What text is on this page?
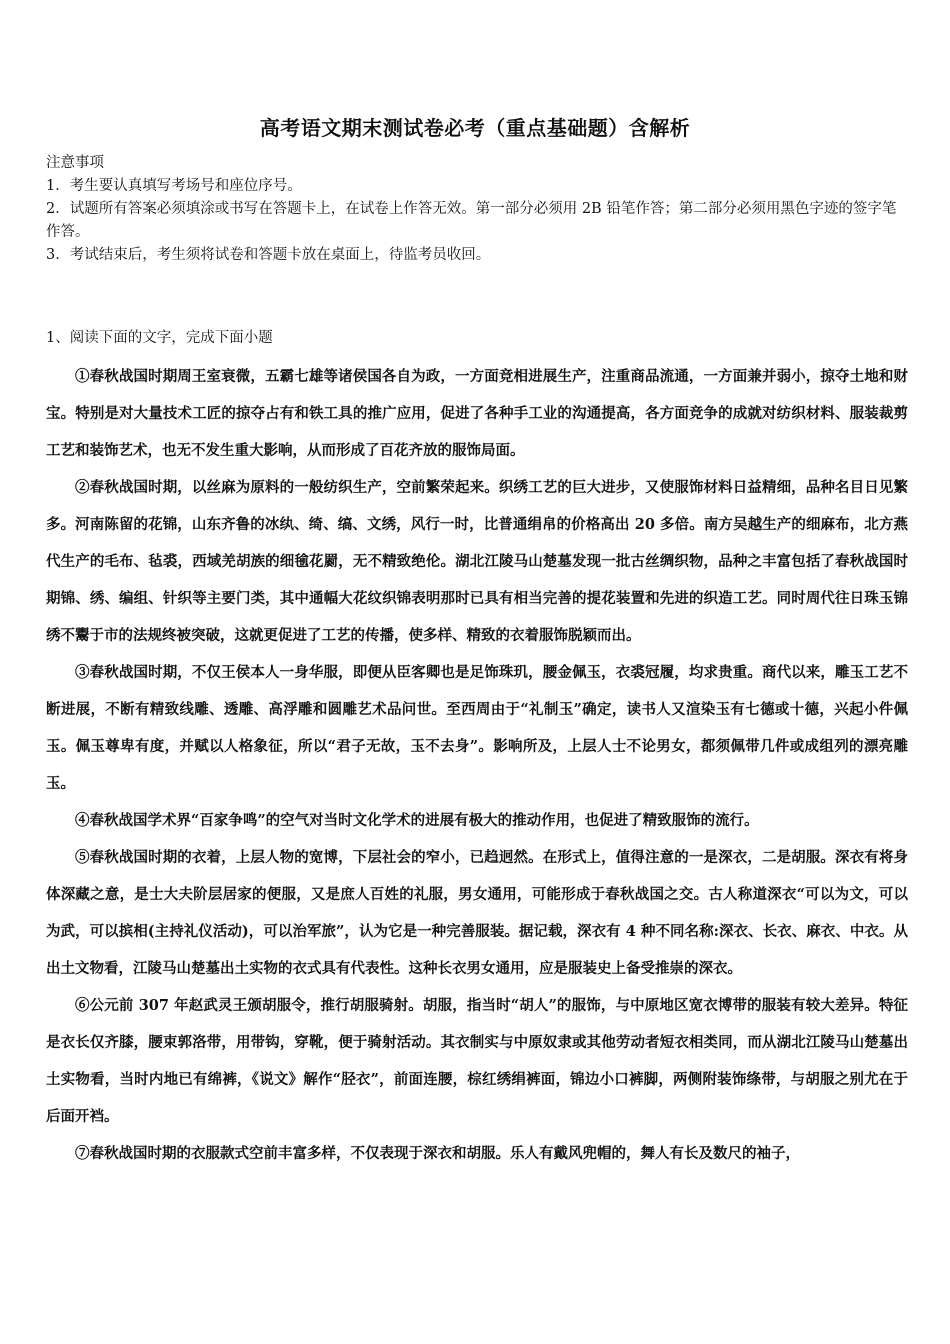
高考语文期末测试卷必考（重点基础题）含解析

注意事项

1．考生要认真填写考场号和座位序号。

2．试题所有答案必须填涂或书写在答题卡上，在试卷上作答无效。第一部分必须用 2B 铅笔作答；第二部分必须用黑色字迹的签字笔作答。

3．考试结束后，考生须将试卷和答题卡放在桌面上，待监考员收回。

1、阅读下面的文字，完成下面小题

①春秋战国时期周王室衰微，五霸七雄等诸侯国各自为政，一方面竞相进展生产，注重商品流通，一方面兼并弱小，掠夺土地和财宝。特别是对大量技术工匠的掠夺占有和铁工具的推广应用，促进了各种手工业的沟通提高，各方面竞争的成就对纺织材料、服装裁剪工艺和装饰艺术，也无不发生重大影响，从而形成了百花齐放的服饰局面。

②春秋战国时期，以丝麻为原料的一般纺织生产，空前繁荣起来。织绣工艺的巨大进步，又使服饰材料日益精细，品种名目日见繁多。河南陈留的花锦，山东齐鲁的冰纨、绮、缟、文绣，风行一时，比普通绢帛的价格高出 20 多倍。南方吴越生产的细麻布，北方燕代生产的毛布、毡裘，西域羌胡族的细毺花罽，无不精致绝伦。湖北江陵马山楚墓发现一批古丝绸织物，品种之丰富包括了春秋战国时期锦、绣、编组、针织等主要门类，其中通幅大花纹织锦表明那时已具有相当完善的提花装置和先进的织造工艺。同时周代往日珠玉锦绣不鬻于市的法规终被突破，这就更促进了工艺的传播，使多样、精致的衣着服饰脱颖而出。

③春秋战国时期，不仅王侯本人一身华服，即便从臣客卿也是足饰珠玑，腰金佩玉，衣裘冠履，均求贵重。商代以来，雕玉工艺不断进展，不断有精致线雕、透雕、高浮雕和圆雕艺术品问世。至西周由于“礼制玉”确定，读书人又渲染玉有七德或十德，兴起小件佩玉。佩玉尊卑有度，并赋以人格象征，所以“君子无故，玉不去身”。影响所及，上层人士不论男女，都须佩带几件或成组列的漂亮雕玉。

④春秋战国学术界“百家争鸣”的空气对当时文化学术的进展有极大的推动作用，也促进了精致服饰的流行。

⑤春秋战国时期的衣着，上层人物的宽博，下层社会的窄小，已趋迥然。在形式上，值得注意的一是深衣，二是胡服。深衣有将身体深藏之意，是士大夫阶层居家的便服，又是庶人百姓的礼服，男女通用，可能形成于春秋战国之交。古人称道深衣“可以为文，可以为武，可以摈相(主持礼仪活动)，可以治军旅”，认为它是一种完善服装。据记载，深衣有 4 种不同名称:深衣、长衣、麻衣、中衣。从出土文物看，江陵马山楚墓出土实物的衣式具有代表性。这种长衣男女通用，应是服装史上备受推崇的深衣。

⑥公元前 307 年赵武灵王颁胡服令，推行胡服骑射。胡服，指当时“胡人”的服饰，与中原地区宽衣博带的服装有较大差异。特征是衣长仅齐膝，腰束郭洛带，用带钩，穿靴，便于骑射活动。其衣制实与中原奴隶或其他劳动者短衣相类同，而从湖北江陵马山楚墓出土实物看，当时内地已有绵裤，《说文》解作“胫衣”，前面连腰，棕红绣绢裤面，锦边小口裤脚，两侧附装饰绦带，与胡服之别尤在于后面开裆。

⑦春秋战国时期的衣服款式空前丰富多样，不仅表现于深衣和胡服。乐人有戴风兜帽的，舞人有长及数尺的袖子，
